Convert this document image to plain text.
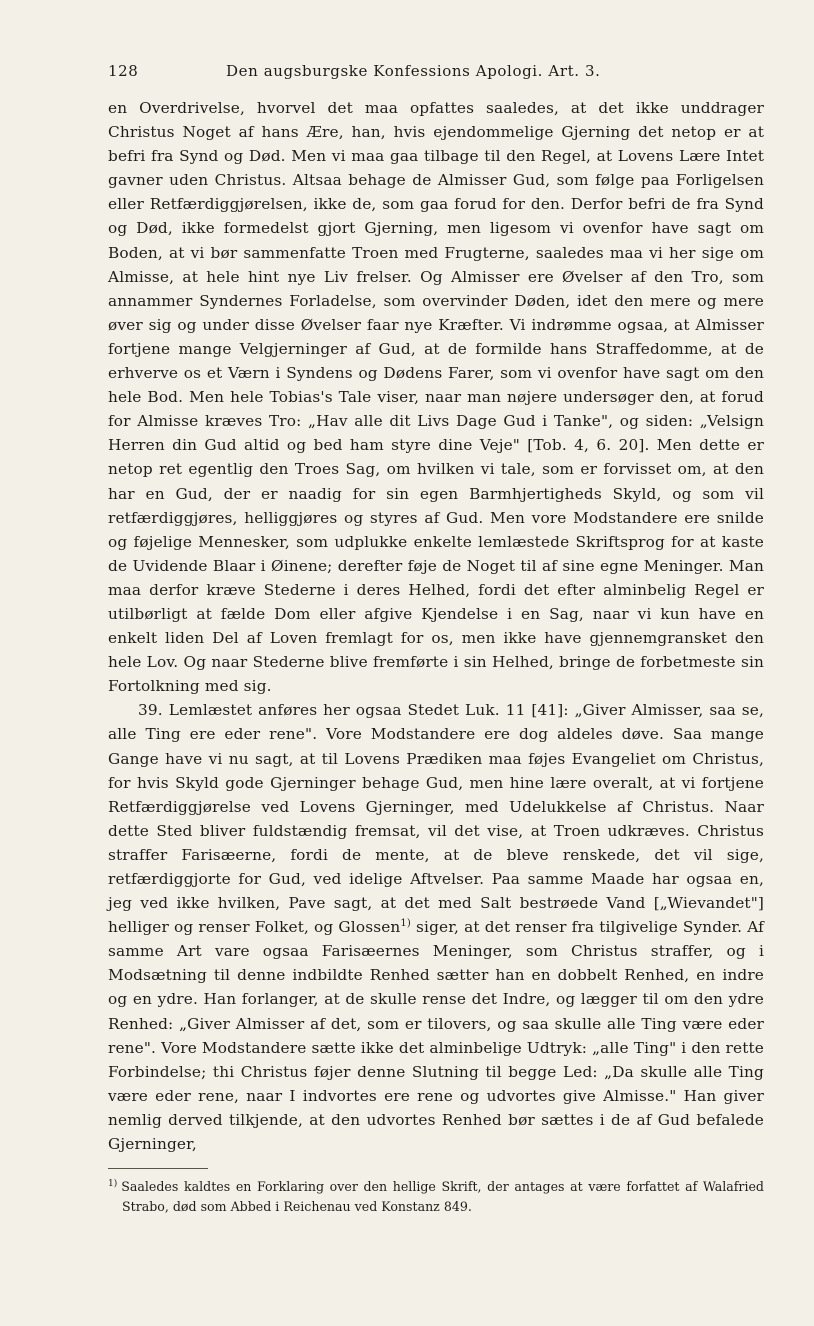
128	Den augsburgske Konfessions Apologi. Art. 3.

en Overdrivelse, hvorvel det maa opfattes saaledes, at det ikke unddrager Christus Noget af hans Ære, han, hvis ejendommelige Gjerning det netop er at befri fra Synd og Død. Men vi maa gaa tilbage til den Regel, at Lovens Lære Intet gavner uden Christus. Altsaa behage de Almisser Gud, som følge paa Forligelsen eller Retfærdiggjørelsen, ikke de, som gaa forud for den. Derfor befri de fra Synd og Død, ikke formedelst gjort Gjerning, men ligesom vi ovenfor have sagt om Boden, at vi bør sammenfatte Troen med Frugterne, saaledes maa vi her sige om Almisse, at hele hint nye Liv frelser. Og Almisser ere Øvelser af den Tro, som annammer Syndernes Forladelse, som overvinder Døden, idet den mere og mere øver sig og under disse Øvelser faar nye Kræfter. Vi indrømme ogsaa, at Almisser fortjene mange Velgjerninger af Gud, at de formilde hans Straffedomme, at de erhverve os et Værn i Syndens og Dødens Farer, som vi ovenfor have sagt om den hele Bod. Men hele Tobias's Tale viser, naar man nøjere undersøger den, at forud for Almisse kræves Tro: „Hav alle dit Livs Dage Gud i Tanke", og siden: „Velsign Herren din Gud altid og bed ham styre dine Veje" [Tob. 4, 6. 20]. Men dette er netop ret egentlig den Troes Sag, om hvilken vi tale, som er forvisset om, at den har en Gud, der er naadig for sin egen Barmhjertigheds Skyld, og som vil retfærdiggjøres, helliggjøres og styres af Gud. Men vore Modstandere ere snilde og føjelige Mennesker, som udplukke enkelte lemlæstede Skriftsprog for at kaste de Uvidende Blaar i Øinene; derefter føje de Noget til af sine egne Meninger. Man maa derfor kræve Stederne i deres Helhed, fordi det efter alminbelig Regel er utilbørligt at fælde Dom eller afgive Kjendelse i en Sag, naar vi kun have en enkelt liden Del af Loven fremlagt for os, men ikke have gjennemgransket den hele Lov. Og naar Stederne blive fremførte i sin Helhed, bringe de forbetmeste sin Fortolkning med sig.

39. Lemlæstet anføres her ogsaa Stedet Luk. 11 [41]: „Giver Almisser, saa se, alle Ting ere eder rene". Vore Modstandere ere dog aldeles døve. Saa mange Gange have vi nu sagt, at til Lovens Prædiken maa føjes Evangeliet om Christus, for hvis Skyld gode Gjerninger behage Gud, men hine lære overalt, at vi fortjene Retfærdiggjørelse ved Lovens Gjerninger, med Udelukkelse af Christus. Naar dette Sted bliver fuldstændig fremsat, vil det vise, at Troen udkræves. Christus straffer Farisæerne, fordi de mente, at de bleve renskede, det vil sige, retfærdiggjorte for Gud, ved idelige Aftvelser. Paa samme Maade har ogsaa en, jeg ved ikke hvilken, Pave sagt, at det med Salt bestrøede Vand [„Wievandet"] helliger og renser Folket, og Glossen$^{1)}$ siger, at det renser fra tilgivelige Synder. Af samme Art vare ogsaa Farisæernes Meninger, som Christus straffer, og i Modsætning til denne indbildte Renhed sætter han en dobbelt Renhed, en indre og en ydre. Han forlanger, at de skulle rense det Indre, og lægger til om den ydre Renhed: „Giver Almisser af det, som er tilovers, og saa skulle alle Ting være eder rene". Vore Modstandere sætte ikke det alminbelige Udtryk: „alle Ting" i den rette Forbindelse; thi Christus føjer denne Slutning til begge Led: „Da skulle alle Ting være eder rene, naar I indvortes ere rene og udvortes give Almisse." Han giver nemlig derved tilkjende, at den udvortes Renhed bør sættes i de af Gud befalede Gjerninger,

$^{1)}$ Saaledes kaldtes en Forklaring over den hellige Skrift, der antages at være forfattet af Walafried Strabo, død som Abbed i Reichenau ved Konstanz 849.
